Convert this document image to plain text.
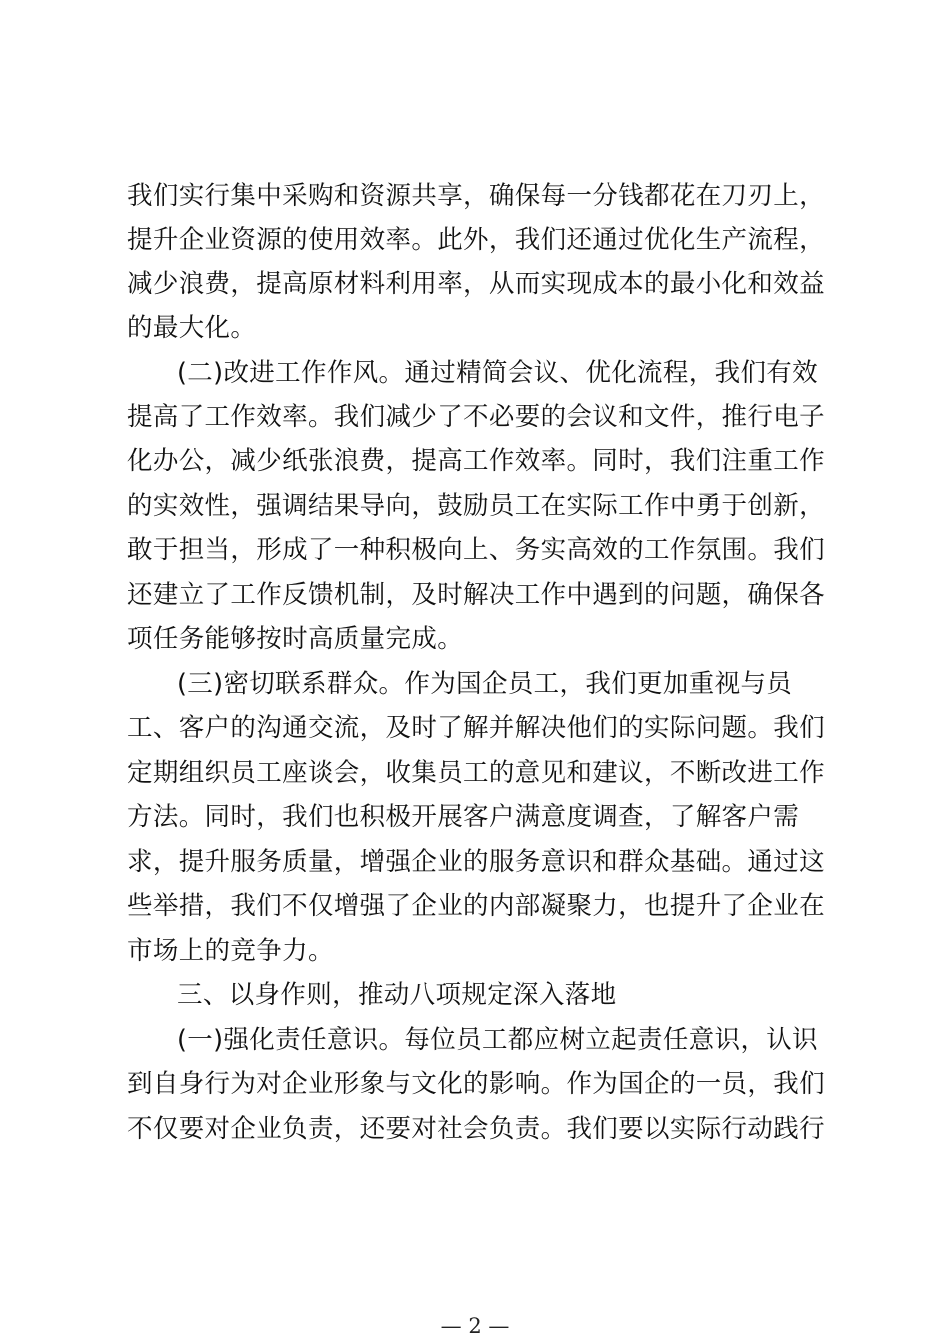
我们实行集中采购和资源共享，确保每一分钱都花在刀刃上，
提升企业资源的使用效率。此外，我们还通过优化生产流程，
减少浪费，提高原材料利用率，从而实现成本的最小化和效益
的最大化。
(二)改进工作作风。通过精简会议、优化流程，我们有效
提高了工作效率。我们减少了不必要的会议和文件，推行电子
化办公，减少纸张浪费，提高工作效率。同时，我们注重工作
的实效性，强调结果导向，鼓励员工在实际工作中勇于创新，
敢于担当，形成了一种积极向上、务实高效的工作氛围。我们
还建立了工作反馈机制，及时解决工作中遇到的问题，确保各
项任务能够按时高质量完成。
(三)密切联系群众。作为国企员工，我们更加重视与员
工、客户的沟通交流，及时了解并解决他们的实际问题。我们
定期组织员工座谈会，收集员工的意见和建议，不断改进工作
方法。同时，我们也积极开展客户满意度调查，了解客户需
求，提升服务质量，增强企业的服务意识和群众基础。通过这
些举措，我们不仅增强了企业的内部凝聚力，也提升了企业在
市场上的竞争力。
三、以身作则，推动八项规定深入落地
(一)强化责任意识。每位员工都应树立起责任意识，认识
到自身行为对企业形象与文化的影响。作为国企的一员，我们
不仅要对企业负责，还要对社会负责。我们要以实际行动践行
— 2 —
